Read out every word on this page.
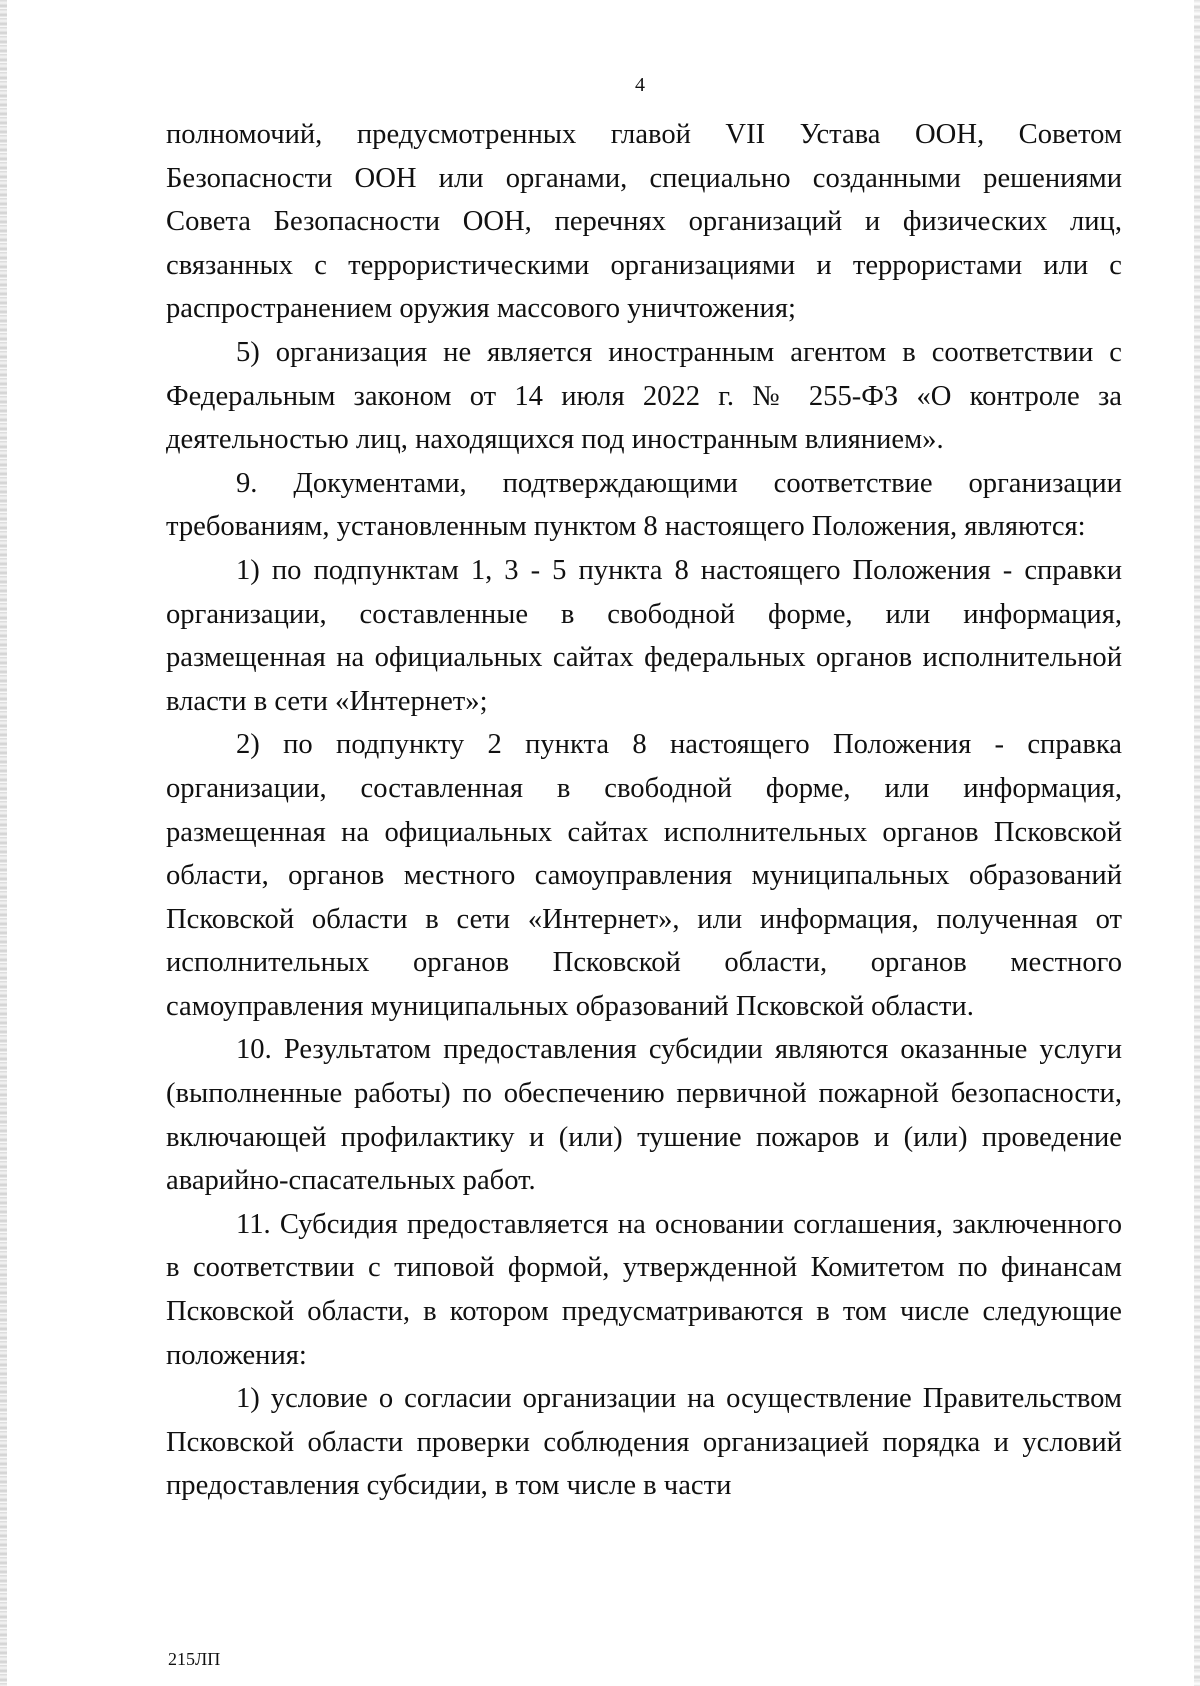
4

полномочий, предусмотренных главой VII Устава ООН, Советом Безопасности ООН или органами, специально созданными решениями Совета Безопасности ООН, перечнях организаций и физических лиц, связанных с террористическими организациями и террористами или с распространением оружия массового уничтожения;

5) организация не является иностранным агентом в соответствии с Федеральным законом от 14 июля 2022 г. № 255-ФЗ «О контроле за деятельностью лиц, находящихся под иностранным влиянием».

9. Документами, подтверждающими соответствие организации требованиям, установленным пунктом 8 настоящего Положения, являются:

1) по подпунктам 1, 3 - 5 пункта 8 настоящего Положения - справки организации, составленные в свободной форме, или информация, размещенная на официальных сайтах федеральных органов исполнительной власти в сети «Интернет»;

2) по подпункту 2 пункта 8 настоящего Положения - справка организации, составленная в свободной форме, или информация, размещенная на официальных сайтах исполнительных органов Псковской области, органов местного самоуправления муниципальных образований Псковской области в сети «Интернет», или информация, полученная от исполнительных органов Псковской области, органов местного самоуправления муниципальных образований Псковской области.

10. Результатом предоставления субсидии являются оказанные услуги (выполненные работы) по обеспечению первичной пожарной безопасности, включающей профилактику и (или) тушение пожаров и (или) проведение аварийно-спасательных работ.

11. Субсидия предоставляется на основании соглашения, заключенного в соответствии с типовой формой, утвержденной Комитетом по финансам Псковской области, в котором предусматриваются в том числе следующие положения:

1) условие о согласии организации на осуществление Правительством Псковской области проверки соблюдения организацией порядка и условий предоставления субсидии, в том числе в части

215ЛП
